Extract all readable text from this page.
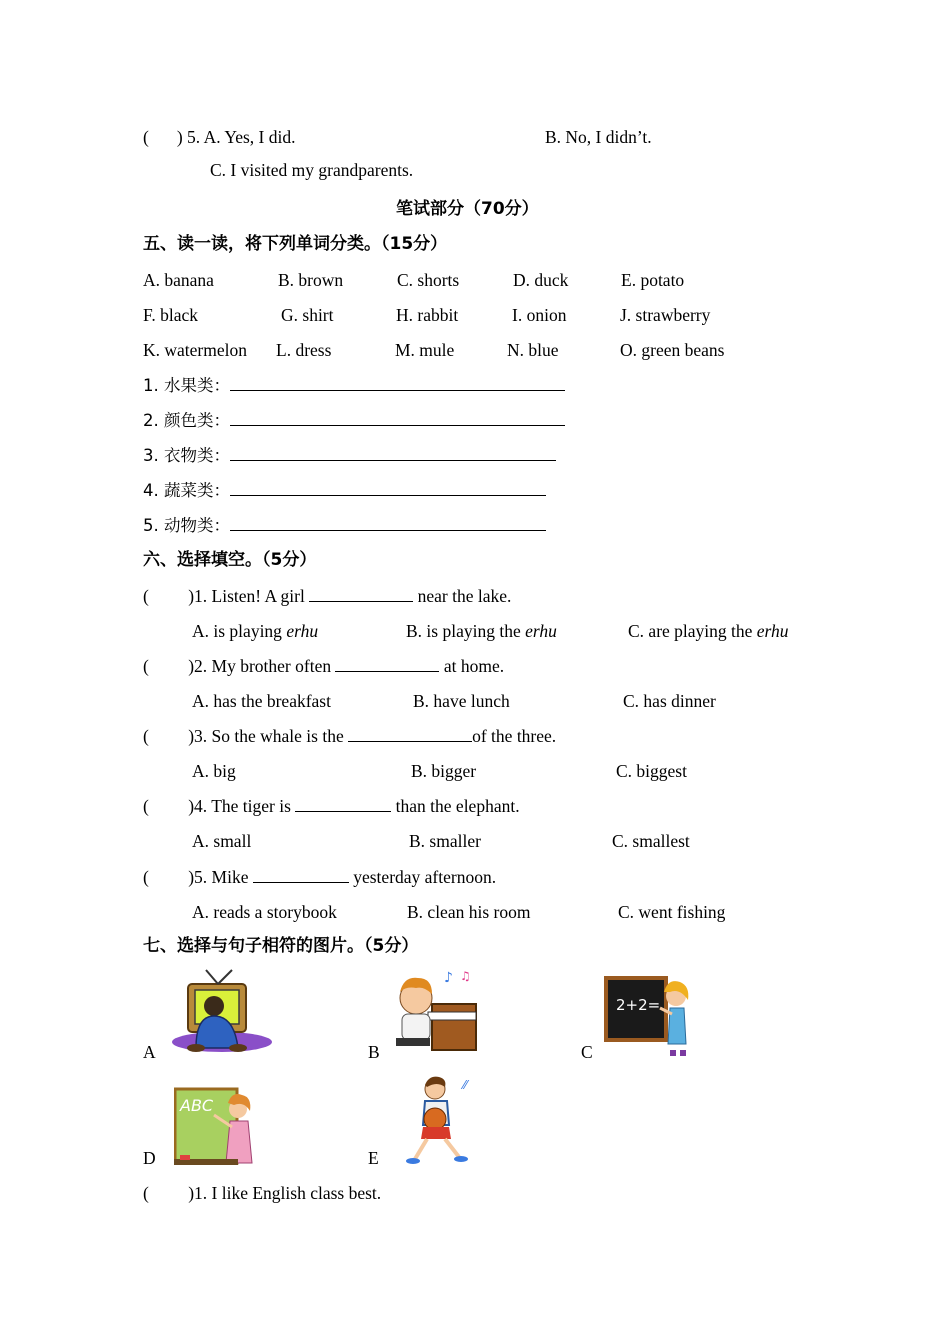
( ) 5. A. Yes, I did.	B. No, I didn’t.
C. I visited my grandparents.
笔试部分（70分）
五、读一读，将下列单词分类。（15分）
A. banana	B. brown	C. shorts	D. duck	E. potato
F. black	G. shirt	H. rabbit	I. onion	J. strawberry
K. watermelon L. dress	M. mule	N. blue	O. green beans
1. 水果类：
2. 颜色类：
3. 衣物类：
4. 蔬菜类：
5. 动物类：
六、选择填空。（5分）
(         )1. Listen! A girl	near the lake.
A. is playing erhu	B. is playing the erhu	C. are playing the erhu
(         )2. My brother often	at home.
A. has the breakfast	B. have lunch	C. has dinner
(         )3. So the whale is the	of the three.
A. big	B. bigger	C. biggest
(         )4. The tiger is	than the elephant.
A. small	B. smaller	C. smallest
(         )5. Mike	yesterday afternoon.
A. reads a storybook	B. clean his room	C. went fishing
七、选择与句子相符的图片。（5分）
A	B
♪ ♫
C
2+2=
D
ABC
E
⁄⁄
(         )1. I like English class best.
